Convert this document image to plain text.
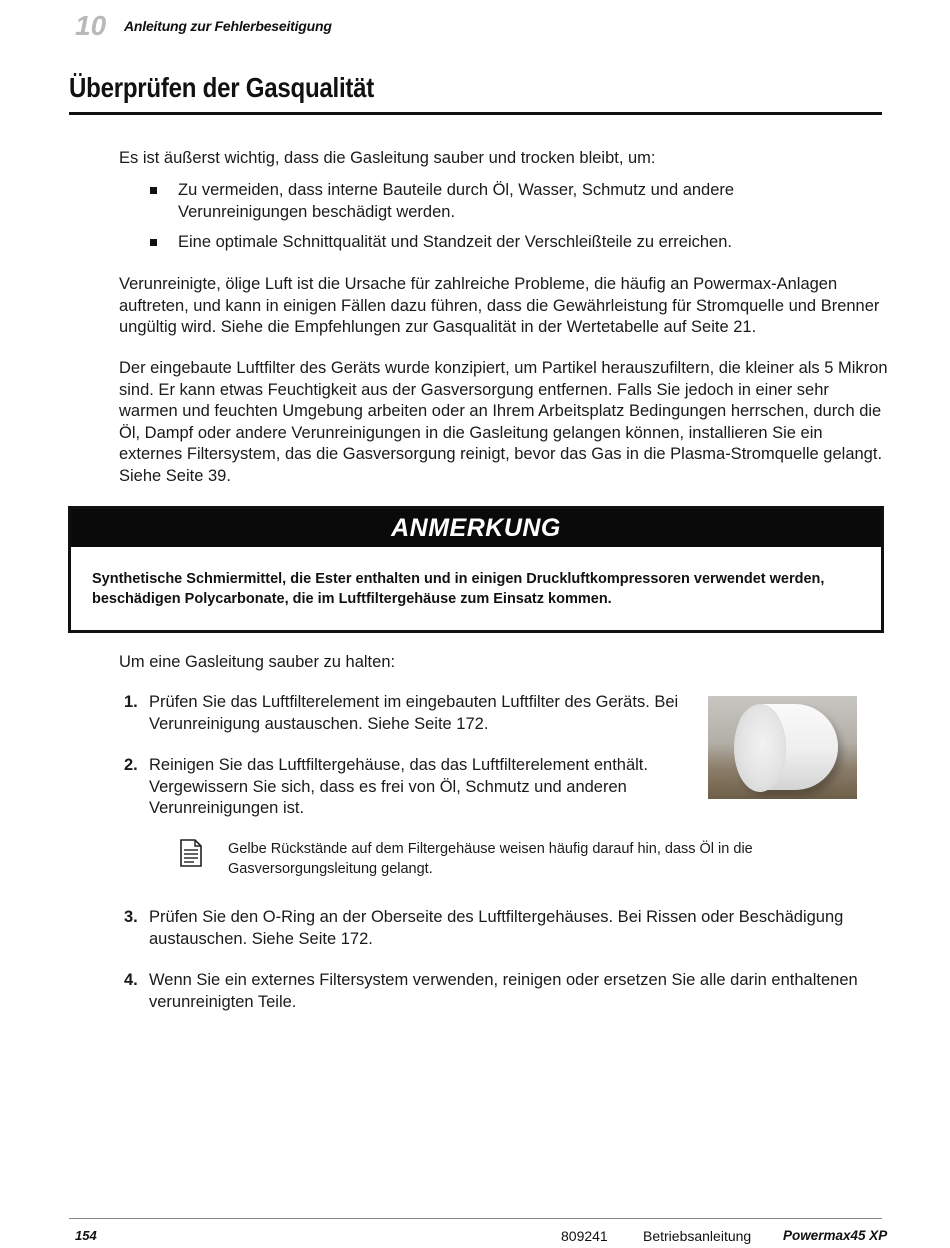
10 Anleitung zur Fehlerbeseitigung
Überprüfen der Gasqualität
Es ist äußerst wichtig, dass die Gasleitung sauber und trocken bleibt, um:
Zu vermeiden, dass interne Bauteile durch Öl, Wasser, Schmutz und andere Verunreinigungen beschädigt werden.
Eine optimale Schnittqualität und Standzeit der Verschleißteile zu erreichen.
Verunreinigte, ölige Luft ist die Ursache für zahlreiche Probleme, die häufig an Powermax-Anlagen auftreten, und kann in einigen Fällen dazu führen, dass die Gewährleistung für Stromquelle und Brenner ungültig wird. Siehe die Empfehlungen zur Gasqualität in der Wertetabelle auf Seite 21.
Der eingebaute Luftfilter des Geräts wurde konzipiert, um Partikel herauszufiltern, die kleiner als 5 Mikron sind. Er kann etwas Feuchtigkeit aus der Gasversorgung entfernen. Falls Sie jedoch in einer sehr warmen und feuchten Umgebung arbeiten oder an Ihrem Arbeitsplatz Bedingungen herrschen, durch die Öl, Dampf oder andere Verunreinigungen in die Gasleitung gelangen können, installieren Sie ein externes Filtersystem, das die Gasversorgung reinigt, bevor das Gas in die Plasma-Stromquelle gelangt. Siehe Seite 39.
ANMERKUNG
Synthetische Schmiermittel, die Ester enthalten und in einigen Druckluftkompressoren verwendet werden, beschädigen Polycarbonate, die im Luftfiltergehäuse zum Einsatz kommen.
Um eine Gasleitung sauber zu halten:
1. Prüfen Sie das Luftfilterelement im eingebauten Luftfilter des Geräts. Bei Verunreinigung austauschen. Siehe Seite 172.
2. Reinigen Sie das Luftfiltergehäuse, das das Luftfilterelement enthält. Vergewissern Sie sich, dass es frei von Öl, Schmutz und anderen Verunreinigungen ist.
Gelbe Rückstände auf dem Filtergehäuse weisen häufig darauf hin, dass Öl in die Gasversorgungsleitung gelangt.
3. Prüfen Sie den O-Ring an der Oberseite des Luftfiltergehäuses. Bei Rissen oder Beschädigung austauschen. Siehe Seite 172.
4. Wenn Sie ein externes Filtersystem verwenden, reinigen oder ersetzen Sie alle darin enthaltenen verunreinigten Teile.
154	809241	Betriebsanleitung Powermax45 XP
